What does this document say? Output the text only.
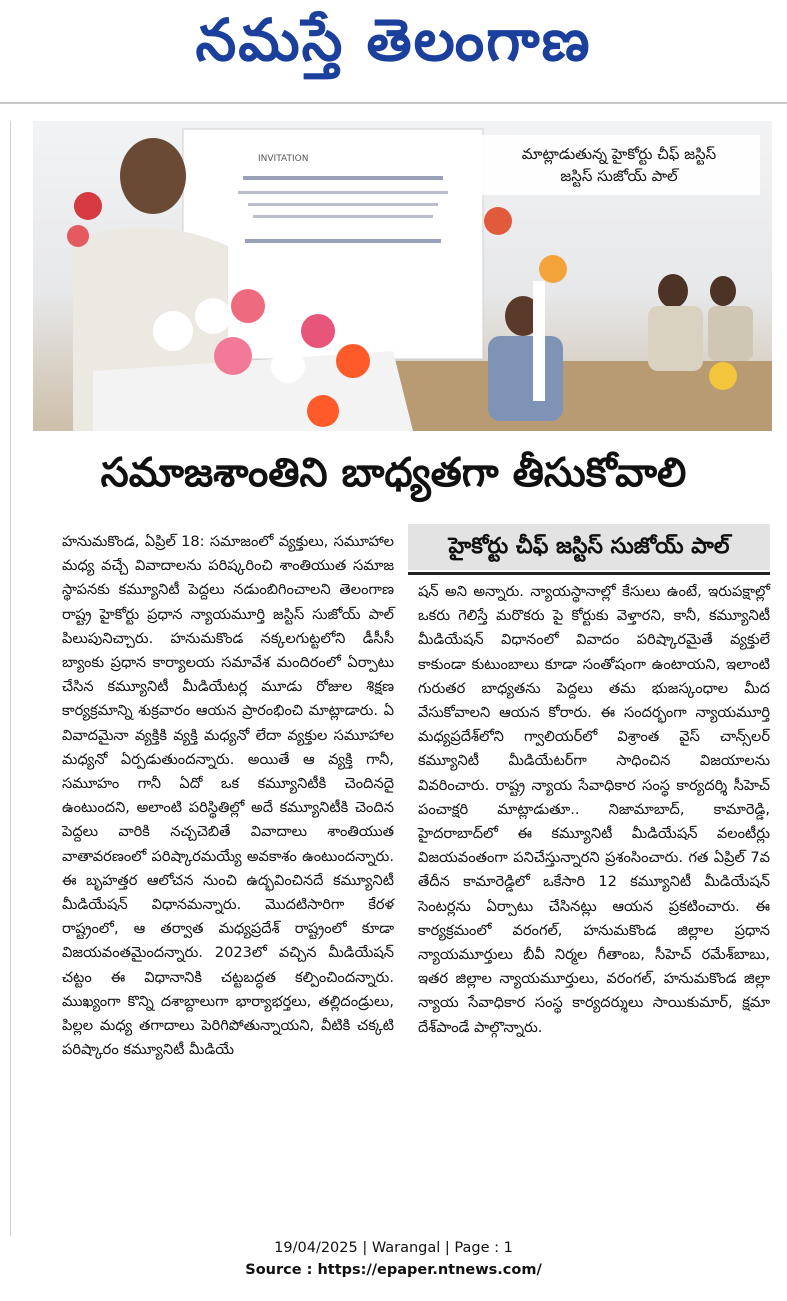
నమస్తే తెలంగాణ
INVITATION	మాట్లాడుతున్న హైకోర్టు చీఫ్ జస్టిస్
జస్టిస్ సుజోయ్ పాల్
సమాజశాంతిని బాధ్యతగా తీసుకోవాలి
హైకోర్టు చీఫ్ జస్టిస్ సుజోయ్ పాల్

హనుమకొండ, ఏప్రిల్ 18: సమాజంలో వ్యక్తులు, సమూహాల మధ్య వచ్చే వివాదాలను పరిష్కరించి శాంతియుత సమాజ స్థాపనకు కమ్యూనిటీ పెద్దలు నడుంబిగించాలని తెలంగాణ రాష్ట్ర హైకోర్టు ప్రధాన న్యాయమూర్తి జస్టిస్ సుజోయ్ పాల్ పిలుపునిచ్చారు. హనుమకొండ నక్కలగుట్టలోని డీసీసీ బ్యాంకు ప్రధాన కార్యాలయ సమావేశ మందిరంలో ఏర్పాటు చేసిన కమ్యూనిటీ మీడియేటర్ల మూడు రోజుల శిక్షణ కార్యక్రమాన్ని శుక్రవారం ఆయన ప్రారంభించి మాట్లాడారు. ఏ వివాదమైనా వ్యక్తికి వ్యక్తి మధ్యనో లేదా వ్యక్తుల సమూహాల మధ్యనో ఏర్పడుతుందన్నారు. అయితే ఆ వ్యక్తి గానీ, సమూహం గానీ ఏదో ఒక కమ్యూనిటీకి చెందినదై ఉంటుందని, అలాంటి పరిస్థితిల్లో అదే కమ్యూనిటీకి చెందిన పెద్దలు వారికి నచ్చచెబితే వివాదాలు శాంతియుత వాతావరణంలో పరిష్కారమయ్యే అవకాశం ఉంటుందన్నారు. ఈ బృహత్తర ఆలోచన నుంచి ఉద్భవించినదే కమ్యూనిటీ మీడియేషన్ విధానమన్నారు. మొదటిసారిగా కేరళ రాష్ట్రంలో, ఆ తర్వాత మధ్యప్రదేశ్ రాష్ట్రంలో కూడా విజయవంతమైందన్నారు. 2023లో వచ్చిన మీడియేషన్ చట్టం ఈ విధానానికి చట్టబద్ధత కల్పించిందన్నారు. ముఖ్యంగా కొన్ని దశాబ్దాలుగా భార్యాభర్తలు, తల్లిదండ్రులు, పిల్లల మధ్య తగాదాలు పెరిగిపోతున్నాయని, వీటికి చక్కటి పరిష్కారం కమ్యూనిటీ మీడియే

షన్ అని అన్నారు. న్యాయస్థానాల్లో కేసులు ఉంటే, ఇరుపక్షాల్లో ఒకరు గెలిస్తే మరొకరు పై కోర్టుకు వెళ్తారని, కానీ, కమ్యూనిటీ మీడియేషన్ విధానంలో వివాదం పరిష్కారమైతే వ్యక్తులే కాకుండా కుటుంబాలు కూడా సంతోషంగా ఉంటాయని, ఇలాంటి గురుతర బాధ్యతను పెద్దలు తమ భుజస్కంధాల మీద వేసుకోవాలని ఆయన కోరారు. ఈ సందర్భంగా న్యాయమూర్తి మధ్యప్రదేశ్‌లోని గ్వాలియర్‌లో విశ్రాంత వైస్ చాన్స్‌లర్ కమ్యూనిటీ మీడియేటర్‌గా సాధించిన విజయాలను వివరించారు. రాష్ట్ర న్యాయ సేవాధికార సంస్థ కార్యదర్శి సీహెచ్ పంచాక్షరి మాట్లాడుతూ.. నిజామాబాద్, కామారెడ్డి, హైదరాబాద్‌లో ఈ కమ్యూనిటీ మీడియేషన్ వలంటీర్లు విజయవంతంగా పనిచేస్తున్నారని ప్రశంసించారు. గత ఏప్రిల్ 7వ తేదీన కామారెడ్డిలో ఒకేసారి 12 కమ్యూనిటీ మీడియేషన్ సెంటర్లను ఏర్పాటు చేసినట్లు ఆయన ప్రకటించారు. ఈ కార్యక్రమంలో వరంగల్, హనుమకొండ జిల్లాల ప్రధాన న్యాయమూర్తులు బీవీ నిర్మల గీతాంబ, సీహెచ్ రమేశ్‌బాబు, ఇతర జిల్లాల న్యాయమూర్తులు, వరంగల్, హనుమకొండ జిల్లా న్యాయ సేవాధికార సంస్థ కార్యదర్శులు సాయికుమార్, క్షమా దేశ్‌పాండే పాల్గొన్నారు.

19/04/2025 | Warangal | Page : 1
Source : https://epaper.ntnews.com/
